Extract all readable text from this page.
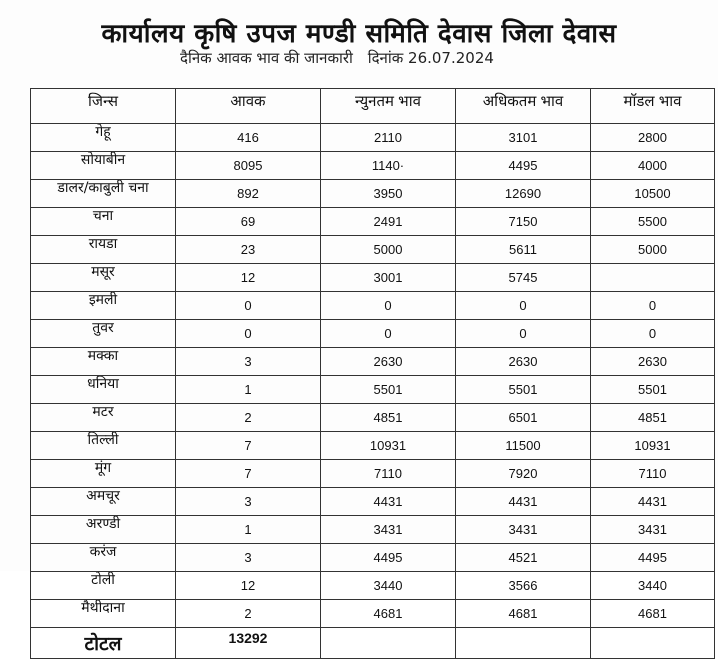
कार्यालय कृषि उपज मण्डी समिति देवास जिला देवास
दैनिक आवक भाव की जानकारी दिनांक 26.07.2024
जिन्स	आवक	न्युनतम भाव	अधिकतम भाव	मॉडल भाव
गेहू	416	2110	3101	2800
सोयाबीन	8095	1140·	4495	4000
डालर/काबुली चना	892	3950	12690	10500
चना	69	2491	7150	5500
रायडा	23	5000	5611	5000
मसूर	12	3001	5745	
इमली	0	0	0	0
तुवर	0	0	0	0
मक्का	3	2630	2630	2630
धनिया	1	5501	5501	5501
मटर	2	4851	6501	4851
तिल्ली	7	10931	11500	10931
मूंग	7	7110	7920	7110
अमचूर	3	4431	4431	4431
अरण्डी	1	3431	3431	3431
करंज	3	4495	4521	4495
टोली	12	3440	3566	3440
मैथीदाना	2	4681	4681	4681
टोटल	13292			
